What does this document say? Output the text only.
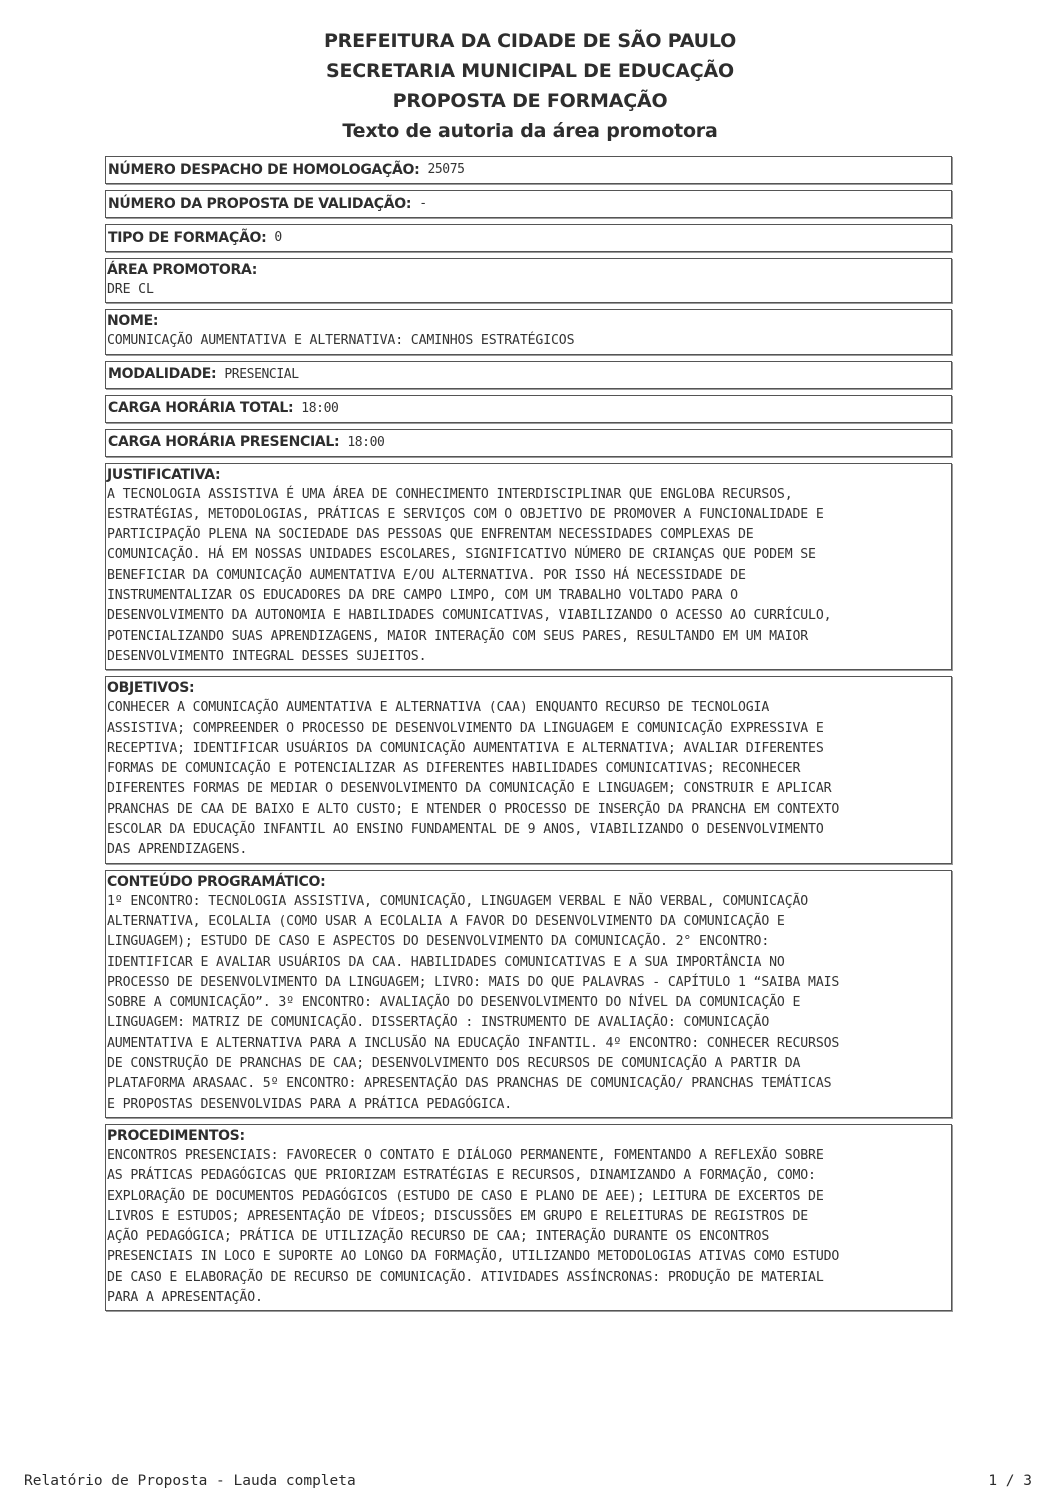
PREFEITURA DA CIDADE DE SÃO PAULO
SECRETARIA MUNICIPAL DE EDUCAÇÃO
PROPOSTA DE FORMAÇÃO
Texto de autoria da área promotora
NÚMERO DESPACHO DE HOMOLOGAÇÃO: 25075
NÚMERO DA PROPOSTA DE VALIDAÇÃO: -
TIPO DE FORMAÇÃO: 0
ÁREA PROMOTORA:
DRE CL
NOME:
COMUNICAÇÃO AUMENTATIVA E ALTERNATIVA: CAMINHOS ESTRATÉGICOS
MODALIDADE: PRESENCIAL
CARGA HORÁRIA TOTAL: 18:00
CARGA HORÁRIA PRESENCIAL: 18:00
JUSTIFICATIVA:
A TECNOLOGIA ASSISTIVA É UMA ÁREA DE CONHECIMENTO INTERDISCIPLINAR QUE ENGLOBA RECURSOS,
ESTRATÉGIAS, METODOLOGIAS, PRÁTICAS E SERVIÇOS COM O OBJETIVO DE PROMOVER A FUNCIONALIDADE E
PARTICIPAÇÃO PLENA NA SOCIEDADE DAS PESSOAS QUE ENFRENTAM NECESSIDADES COMPLEXAS DE
COMUNICAÇÃO. HÁ EM NOSSAS UNIDADES ESCOLARES, SIGNIFICATIVO NÚMERO DE CRIANÇAS QUE PODEM SE
BENEFICIAR DA COMUNICAÇÃO AUMENTATIVA E/OU ALTERNATIVA. POR ISSO HÁ NECESSIDADE DE
INSTRUMENTALIZAR OS EDUCADORES DA DRE CAMPO LIMPO, COM UM TRABALHO VOLTADO PARA O
DESENVOLVIMENTO DA AUTONOMIA E HABILIDADES COMUNICATIVAS, VIABILIZANDO O ACESSO AO CURRÍCULO,
POTENCIALIZANDO SUAS APRENDIZAGENS, MAIOR INTERAÇÃO COM SEUS PARES, RESULTANDO EM UM MAIOR
DESENVOLVIMENTO INTEGRAL DESSES SUJEITOS.
OBJETIVOS:
CONHECER A COMUNICAÇÃO AUMENTATIVA E ALTERNATIVA (CAA) ENQUANTO RECURSO DE TECNOLOGIA
ASSISTIVA; COMPREENDER O PROCESSO DE DESENVOLVIMENTO DA LINGUAGEM E COMUNICAÇÃO EXPRESSIVA E
RECEPTIVA; IDENTIFICAR USUÁRIOS DA COMUNICAÇÃO AUMENTATIVA E ALTERNATIVA; AVALIAR DIFERENTES
FORMAS DE COMUNICAÇÃO E POTENCIALIZAR AS DIFERENTES HABILIDADES COMUNICATIVAS; RECONHECER
DIFERENTES FORMAS DE MEDIAR O DESENVOLVIMENTO DA COMUNICAÇÃO E LINGUAGEM; CONSTRUIR E APLICAR
PRANCHAS DE CAA DE BAIXO E ALTO CUSTO; E NTENDER O PROCESSO DE INSERÇÃO DA PRANCHA EM CONTEXTO
ESCOLAR DA EDUCAÇÃO INFANTIL AO ENSINO FUNDAMENTAL DE 9 ANOS, VIABILIZANDO O DESENVOLVIMENTO
DAS APRENDIZAGENS.
CONTEÚDO PROGRAMÁTICO:
1º ENCONTRO: TECNOLOGIA ASSISTIVA, COMUNICAÇÃO, LINGUAGEM VERBAL E NÃO VERBAL, COMUNICAÇÃO
ALTERNATIVA, ECOLALIA (COMO USAR A ECOLALIA A FAVOR DO DESENVOLVIMENTO DA COMUNICAÇÃO E
LINGUAGEM); ESTUDO DE CASO E ASPECTOS DO DESENVOLVIMENTO DA COMUNICAÇÃO. 2° ENCONTRO:
IDENTIFICAR E AVALIAR USUÁRIOS DA CAA. HABILIDADES COMUNICATIVAS E A SUA IMPORTÂNCIA NO
PROCESSO DE DESENVOLVIMENTO DA LINGUAGEM; LIVRO: MAIS DO QUE PALAVRAS - CAPÍTULO 1 “SAIBA MAIS
SOBRE A COMUNICAÇÃO”. 3º ENCONTRO: AVALIAÇÃO DO DESENVOLVIMENTO DO NÍVEL DA COMUNICAÇÃO E
LINGUAGEM: MATRIZ DE COMUNICAÇÃO. DISSERTAÇÃO : INSTRUMENTO DE AVALIAÇÃO: COMUNICAÇÃO
AUMENTATIVA E ALTERNATIVA PARA A INCLUSÃO NA EDUCAÇÃO INFANTIL. 4º ENCONTRO: CONHECER RECURSOS
DE CONSTRUÇÃO DE PRANCHAS DE CAA; DESENVOLVIMENTO DOS RECURSOS DE COMUNICAÇÃO A PARTIR DA
PLATAFORMA ARASAAC. 5º ENCONTRO: APRESENTAÇÃO DAS PRANCHAS DE COMUNICAÇÃO/ PRANCHAS TEMÁTICAS
E PROPOSTAS DESENVOLVIDAS PARA A PRÁTICA PEDAGÓGICA.
PROCEDIMENTOS:
ENCONTROS PRESENCIAIS: FAVORECER O CONTATO E DIÁLOGO PERMANENTE, FOMENTANDO A REFLEXÃO SOBRE
AS PRÁTICAS PEDAGÓGICAS QUE PRIORIZAM ESTRATÉGIAS E RECURSOS, DINAMIZANDO A FORMAÇÃO, COMO:
EXPLORAÇÃO DE DOCUMENTOS PEDAGÓGICOS (ESTUDO DE CASO E PLANO DE AEE); LEITURA DE EXCERTOS DE
LIVROS E ESTUDOS; APRESENTAÇÃO DE VÍDEOS; DISCUSSÕES EM GRUPO E RELEITURAS DE REGISTROS DE
AÇÃO PEDAGÓGICA; PRÁTICA DE UTILIZAÇÃO RECURSO DE CAA; INTERAÇÃO DURANTE OS ENCONTROS
PRESENCIAIS IN LOCO E SUPORTE AO LONGO DA FORMAÇÃO, UTILIZANDO METODOLOGIAS ATIVAS COMO ESTUDO
DE CASO E ELABORAÇÃO DE RECURSO DE COMUNICAÇÃO. ATIVIDADES ASSÍNCRONAS: PRODUÇÃO DE MATERIAL
PARA A APRESENTAÇÃO.
Relatório de Proposta - Lauda completa	1 / 3
